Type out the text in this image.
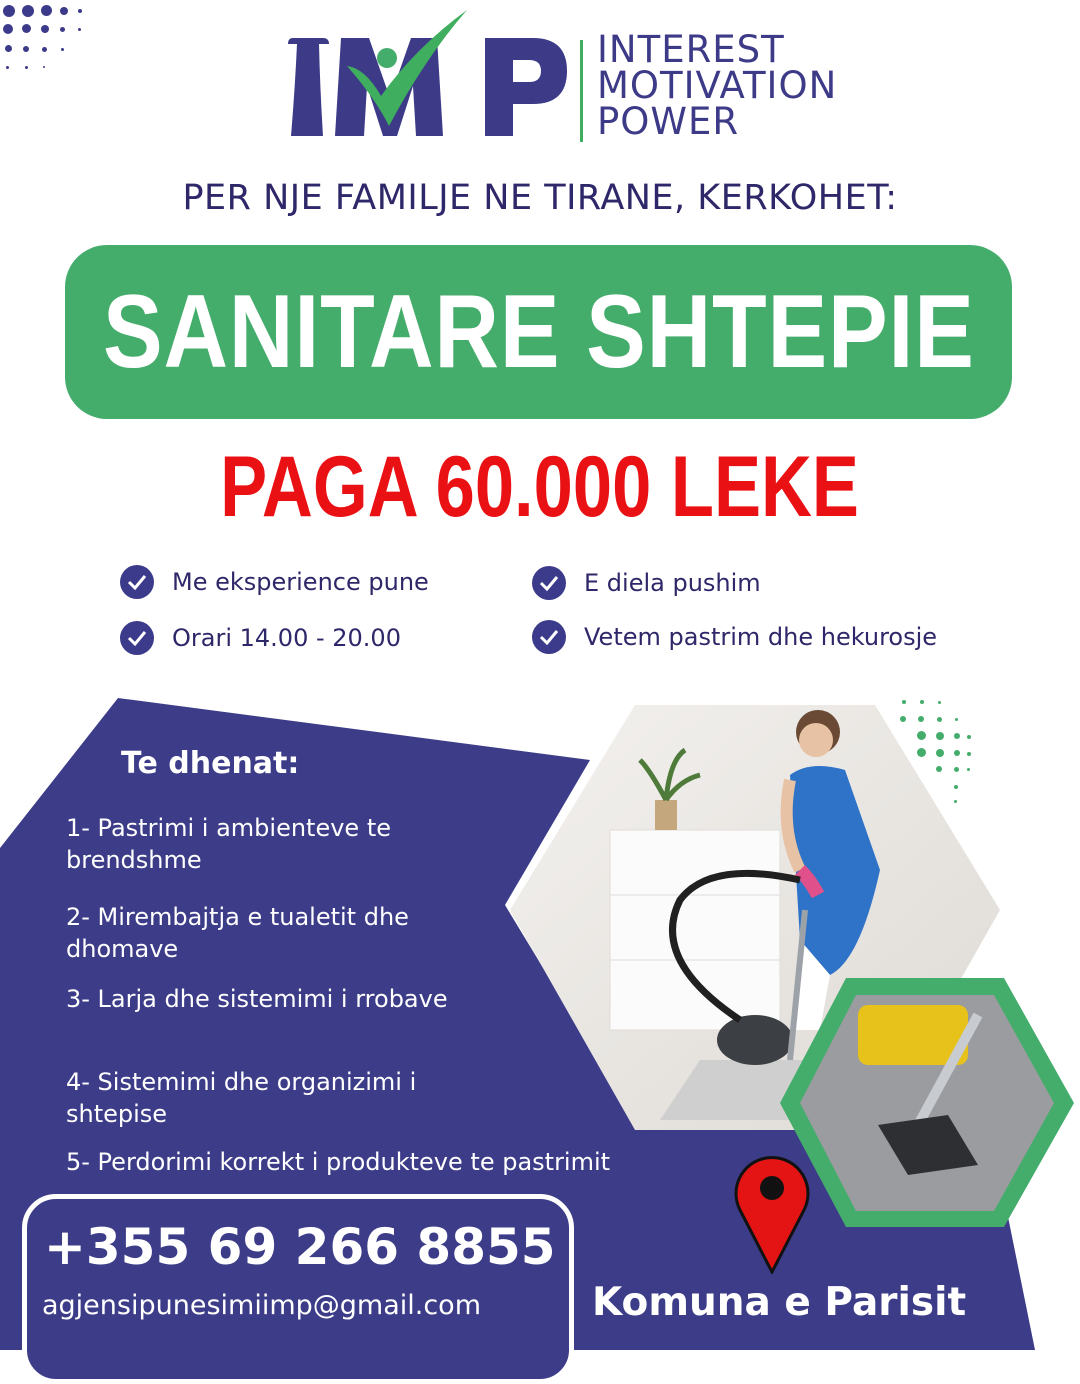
IMP
INTEREST
MOTIVATION
POWER
PER NJE FAMILJE NE TIRANE, KERKOHET:
SANITARE SHTEPIE
PAGA 60.000 LEKE
Me eksperience pune	E diela pushim
Orari 14.00 - 20.00	Vetem pastrim dhe hekurosje
Te dhenat:
1- Pastrimi i ambienteve te brendshme
2- Mirembajtja e tualetit dhe dhomave
3- Larja dhe sistemimi i rrobave
4- Sistemimi dhe organizimi i shtepise
5- Perdorimi korrekt i produkteve te pastrimit
+355 69 266 8855
agjensipunesimiimp@gmail.com	Komuna e Parisit
